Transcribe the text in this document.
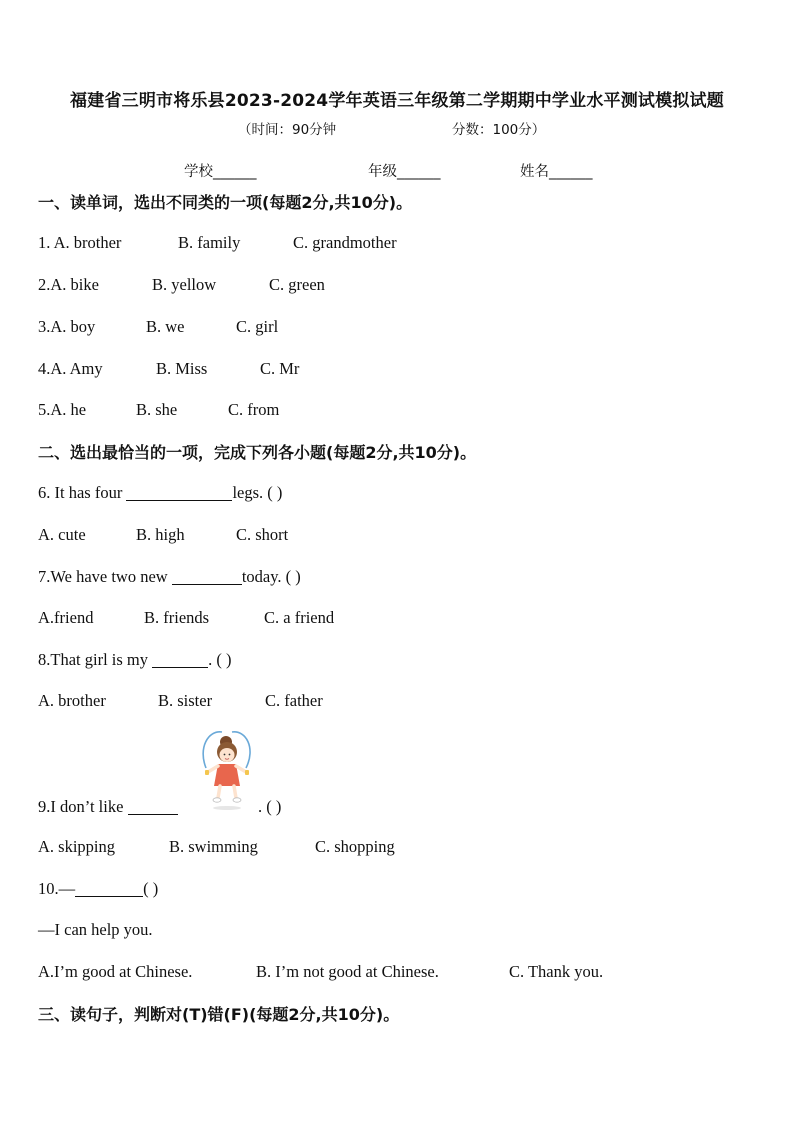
福建省三明市将乐县2023-2024学年英语三年级第二学期期中学业水平测试模拟试题
（时间：90分钟	分数：100分）
学校______	年级______	姓名______
一、读单词，选出不同类的一项(每题2分,共10分)。
1. A. brother	B. family	C. grandmother
2.A. bike	B. yellow	C. green
3.A. boy	B. we	C. girl
4.A. Amy	B. Miss	C. Mr
5.A. he	B. she	C. from
二、选出最恰当的一项，完成下列各小题(每题2分,共10分)。
6. It has four	legs. ( )
A. cute	B. high	C. short
7.We have two new	today. ( )
A.friend	B. friends	C. a friend
8.That girl is my	. ( )
A. brother	B. sister	C. father
9.I don’t like	. ( )
A. skipping	B. swimming	C. shopping
10.—	( )
—I can help you.
A.I’m good at Chinese.	B. I’m not good at Chinese.	C. Thank you.
三、读句子，判断对(T)错(F)(每题2分,共10分)。
